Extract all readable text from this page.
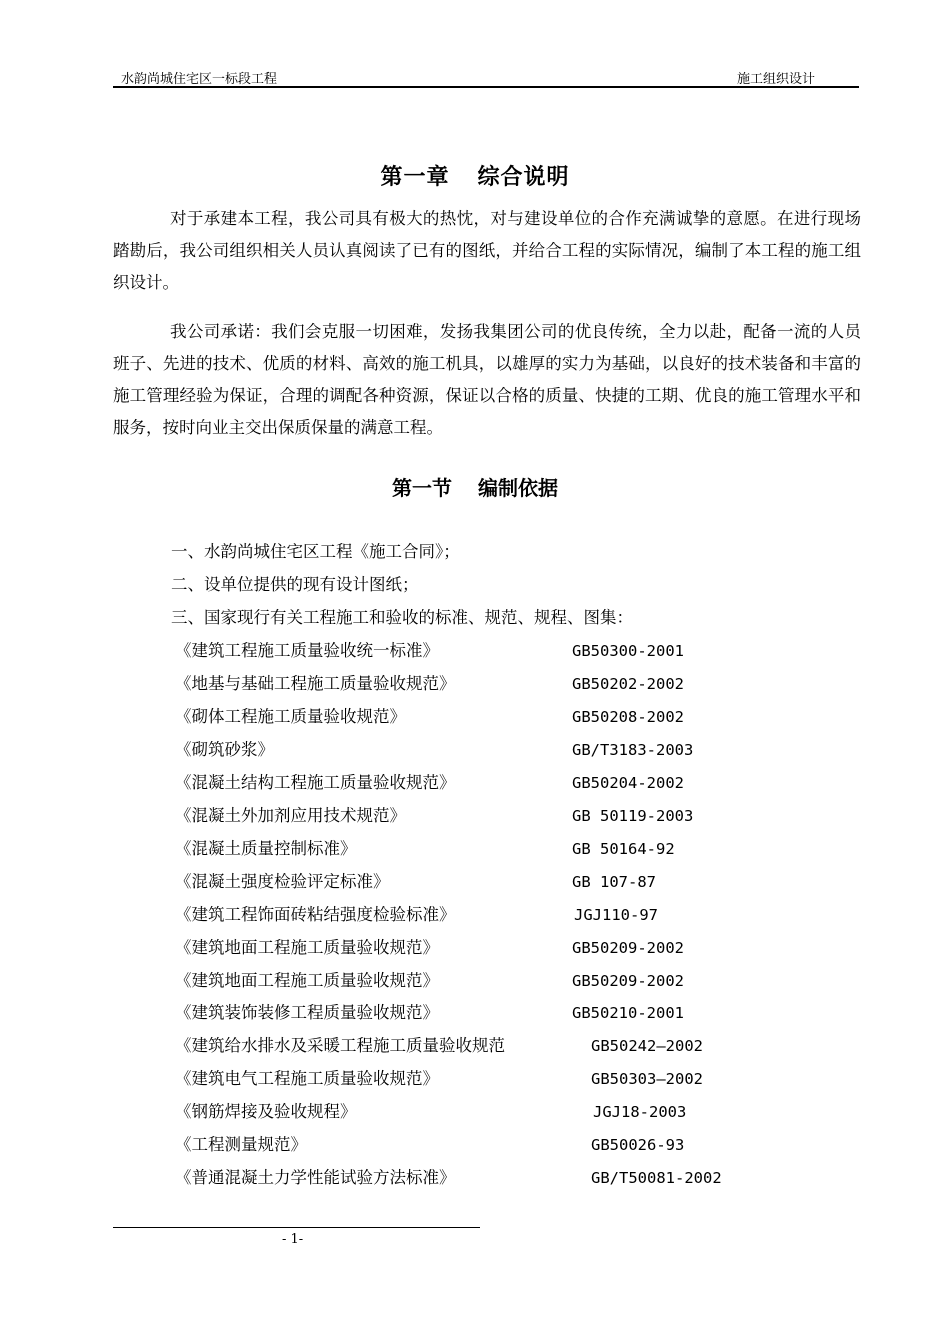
水韵尚城住宅区一标段工程	施工组织设计
第一章 综合说明

对于承建本工程，我公司具有极大的热忱，对与建设单位的合作充满诚挚的意愿。在进行现场踏勘后，我公司组织相关人员认真阅读了已有的图纸，并给合工程的实际情况，编制了本工程的施工组织设计。

我公司承诺：我们会克服一切困难，发扬我集团公司的优良传统，全力以赴，配备一流的人员班子、先进的技术、优质的材料、高效的施工机具，以雄厚的实力为基础，以良好的技术装备和丰富的施工管理经验为保证，合理的调配各种资源，保证以合格的质量、快捷的工期、优良的施工管理水平和服务，按时向业主交出保质保量的满意工程。

第一节 编制依据
一、水韵尚城住宅区工程《施工合同》；
二、设单位提供的现有设计图纸；
三、国家现行有关工程施工和验收的标准、规范、规程、图集：
《建筑工程施工质量验收统一标准》	GB50300-2001
《地基与基础工程施工质量验收规范》	GB50202-2002
《砌体工程施工质量验收规范》	GB50208-2002
《砌筑砂浆》	GB/T3183-2003
《混凝土结构工程施工质量验收规范》	GB50204-2002
《混凝土外加剂应用技术规范》	GB 50119-2003
《混凝土质量控制标准》	GB 50164-92
《混凝土强度检验评定标准》	GB 107-87
《建筑工程饰面砖粘结强度检验标准》	JGJ110-97
《建筑地面工程施工质量验收规范》	GB50209-2002
《建筑地面工程施工质量验收规范》	GB50209-2002
《建筑装饰装修工程质量验收规范》	GB50210-2001
《建筑给水排水及采暖工程施工质量验收规范	GB50242—2002
《建筑电气工程施工质量验收规范》	GB50303—2002
《钢筋焊接及验收规程》	JGJ18-2003
《工程测量规范》	GB50026-93
《普通混凝土力学性能试验方法标准》	GB/T50081-2002
- 1-
